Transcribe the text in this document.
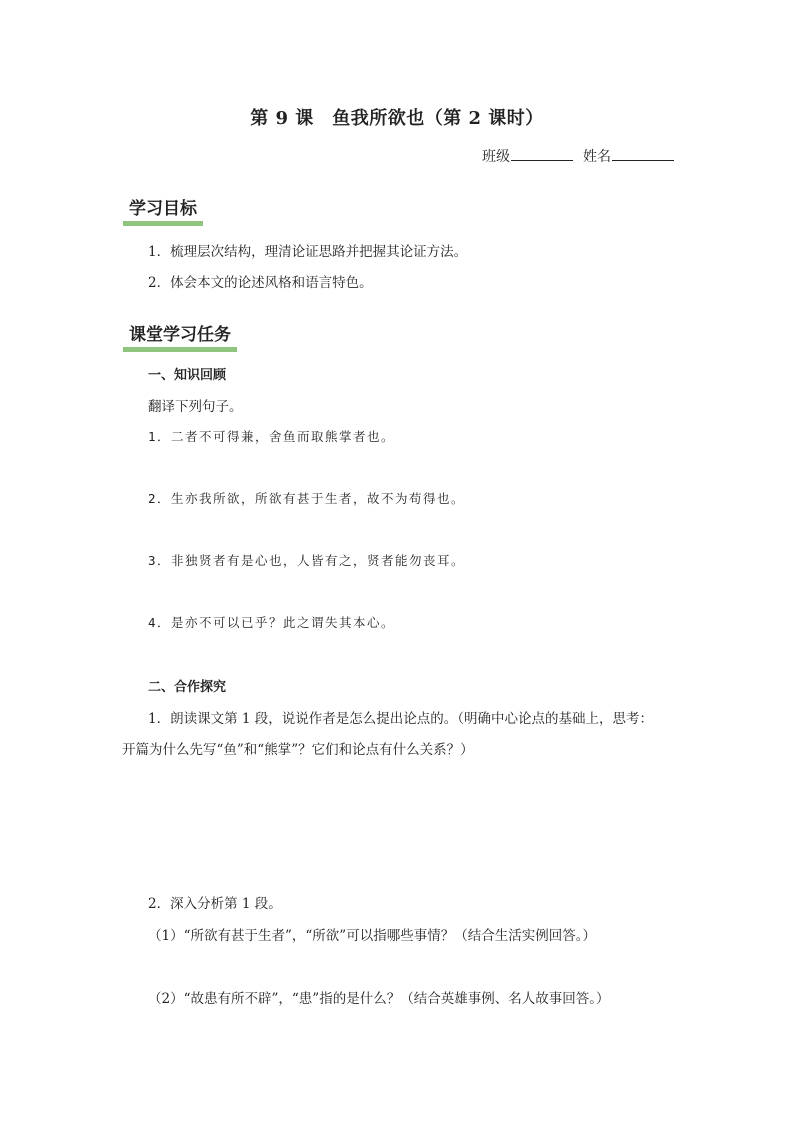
第 9 课　鱼我所欲也（第 2 课时）
班级	姓名
学习目标
1．梳理层次结构，理清论证思路并把握其论证方法。
2．体会本文的论述风格和语言特色。
课堂学习任务
一、知识回顾
翻译下列句子。
1．二者不可得兼，舍鱼而取熊掌者也。
2．生亦我所欲，所欲有甚于生者，故不为苟得也。
3．非独贤者有是心也，人皆有之，贤者能勿丧耳。
4．是亦不可以已乎？此之谓失其本心。
二、合作探究
1．朗读课文第 1 段，说说作者是怎么提出论点的。（明确中心论点的基础上，思考：
开篇为什么先写“鱼”和“熊掌”？它们和论点有什么关系？）
2．深入分析第 1 段。
（1）“所欲有甚于生者”，“所欲”可以指哪些事情？（结合生活实例回答。）
（2）“故患有所不辟”，“患”指的是什么？（结合英雄事例、名人故事回答。）
